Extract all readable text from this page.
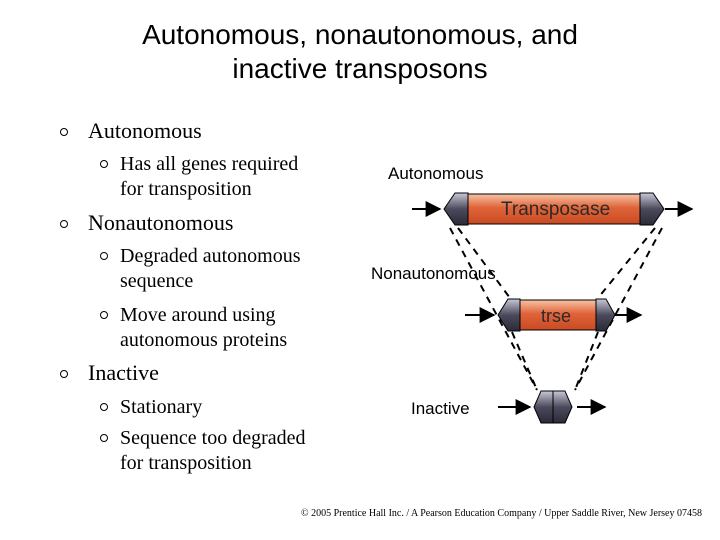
Autonomous, nonautonomous, and
inactive transposons
Autonomous
Has all genes required
for transposition
Nonautonomous
Degraded autonomous
sequence
Move around using
autonomous proteins
Inactive
Stationary
Sequence too degraded
for transposition
Autonomous
Transposase
Nonautonomous
trse
Inactive
© 2005 Prentice Hall Inc. / A Pearson Education Company / Upper Saddle River, New Jersey 07458
